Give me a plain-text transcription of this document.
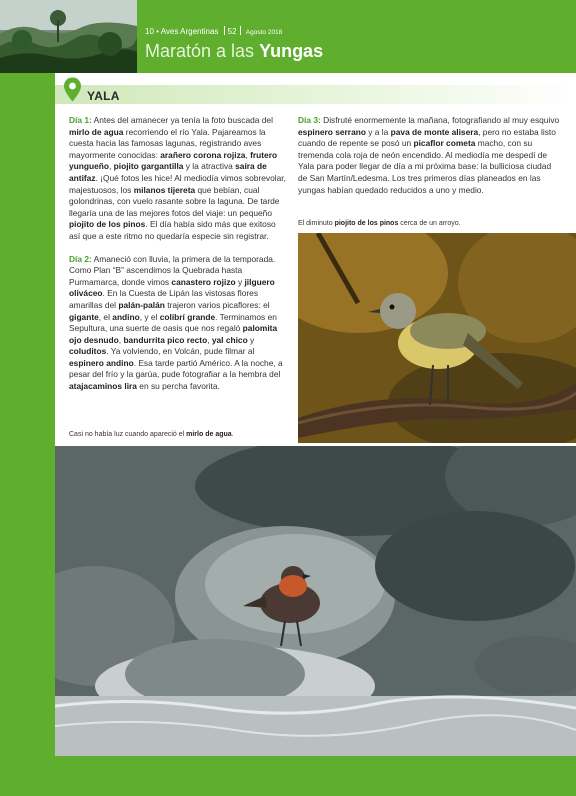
10 • Aves Argentinas 52 Agosto 2018
Maratón a las Yungas
YALA

Día 1: Antes del amanecer ya tenía la foto buscada del mirlo de agua recorriendo el río Yala. Pajareamos la cuesta hacia las famosas lagunas, registrando aves mayormente conocidas: arañero corona rojiza, frutero yungueño, piojito gargantilla y la atractiva saíra de antifaz. ¡Qué fotos les hice! Al mediodía vimos sobrevolar, majestuosos, los milanos tijereta que bebían, cual golondrinas, con vuelo rasante sobre la laguna. De tarde llegaría una de las mejores fotos del viaje: un pequeño piojito de los pinos. El día había sido más que exitoso así que a este ritmo no quedaría especie sin registrar.

Día 2: Amaneció con lluvia, la primera de la temporada. Como Plan “B” ascendimos la Quebrada hasta Purmamarca, donde vimos canastero rojizo y jilguero oliváceo. En la Cuesta de Lipán las vistosas flores amarillas del palán-palán trajeron varios picaflores: el gigante, el andino, y el colibrí grande. Terminamos en Sepultura, una suerte de oasis que nos regaló palomita ojo desnudo, bandurrita pico recto, yal chico y coluditos. Ya volviendo, en Volcán, pude filmar al espinero andino. Esa tarde partió Américo. A la noche, a pesar del frío y la garúa, pude fotografiar a la hembra del atajacaminos lira en su percha favorita.

Día 3: Disfruté enormemente la mañana, fotografiando al muy esquivo espinero serrano y a la pava de monte alisera, pero no estaba listo cuando de repente se posó un picaflor cometa macho, con su tremenda cola roja de neón encendido. Al mediodía me despedí de Yala para poder llegar de día a mi próxima base: la bulliciosa ciudad de San Martín/Ledesma. Los tres primeros días planeados en las yungas habían quedado reducidos a uno y medio.

El diminuto piojito de los pinos cerca de un arroyo.
Casi no había luz cuando apareció el mirlo de agua.
